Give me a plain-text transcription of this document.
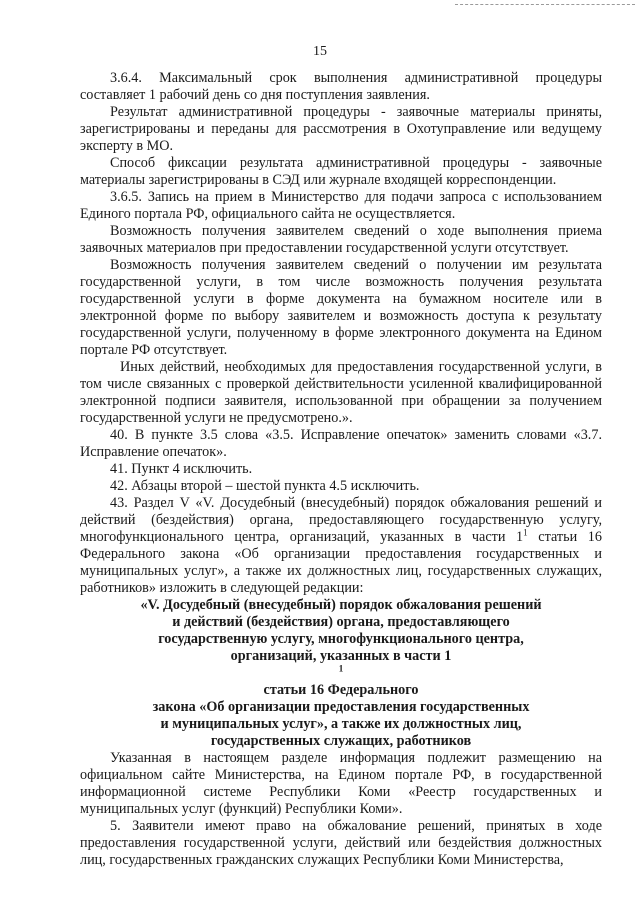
15

3.6.4. Максимальный срок выполнения административной процедуры составляет 1 рабочий день со дня поступления заявления.

Результат административной процедуры - заявочные материалы приняты, зарегистрированы и переданы для рассмотрения в Охотуправление или ведущему эксперту в МО.

Способ фиксации результата административной процедуры - заявочные материалы зарегистрированы в СЭД или журнале входящей корреспонденции.

3.6.5. Запись на прием в Министерство для подачи запроса с использованием Единого портала РФ, официального сайта не осуществляется.

Возможность получения заявителем сведений о ходе выполнения приема заявочных материалов при предоставлении государственной услуги отсутствует.

Возможность получения заявителем сведений о получении им результата государственной услуги, в том числе возможность получения результата государственной услуги в форме документа на бумажном носителе или в электронной форме по выбору заявителем и возможность доступа к результату государственной услуги, полученному в форме электронного документа на Едином портале РФ отсутствует.

Иных действий, необходимых для предоставления государственной услуги, в том числе связанных с проверкой действительности усиленной квалифицированной электронной подписи заявителя, использованной при обращении за получением государственной услуги не предусмотрено.».

40. В пункте 3.5 слова «3.5. Исправление опечаток» заменить словами «3.7. Исправление опечаток».

41. Пункт 4 исключить.

42. Абзацы второй – шестой пункта 4.5 исключить.

43. Раздел V «V. Досудебный (внесудебный) порядок обжалования решений и действий (бездействия) органа, предоставляющего государственную услугу, многофункционального центра, организаций, указанных в части $1^1$ статьи 16 Федерального закона «Об организации предоставления государственных и муниципальных услуг», а также их должностных лиц, государственных служащих, работников» изложить в следующей редакции:

«V. Досудебный (внесудебный) порядок обжалования решений
и действий (бездействия) органа, предоставляющего
государственную услугу, многофункционального центра,
организаций, указанных в части 1
$^1$
статьи 16 Федерального
закона «Об организации предоставления государственных
и муниципальных услуг», а также их должностных лиц,
государственных служащих, работников

Указанная в настоящем разделе информация подлежит размещению на официальном сайте Министерства, на Едином портале РФ, в государственной информационной системе Республики Коми «Реестр государственных и муниципальных услуг (функций) Республики Коми».

5. Заявители имеют право на обжалование решений, принятых в ходе предоставления государственной услуги, действий или бездействия должностных лиц, государственных гражданских служащих Республики Коми Министерства,
